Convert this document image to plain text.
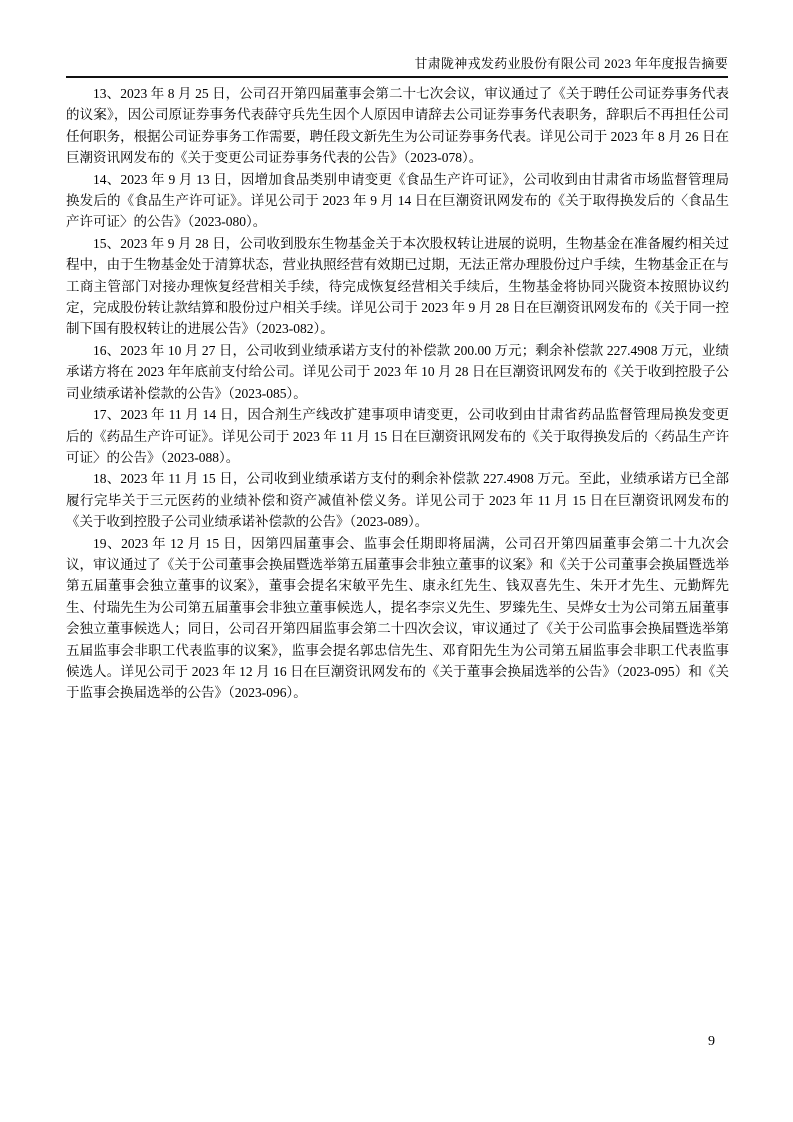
甘肃陇神戎发药业股份有限公司 2023 年年度报告摘要

13、2023 年 8 月 25 日，公司召开第四届董事会第二十七次会议，审议通过了《关于聘任公司证券事务代表的议案》，因公司原证券事务代表薛守兵先生因个人原因申请辞去公司证券事务代表职务，辞职后不再担任公司任何职务，根据公司证券事务工作需要，聘任段文新先生为公司证券事务代表。详见公司于 2023 年 8 月 26 日在巨潮资讯网发布的《关于变更公司证券事务代表的公告》（2023-078）。

14、2023 年 9 月 13 日，因增加食品类别申请变更《食品生产许可证》，公司收到由甘肃省市场监督管理局换发后的《食品生产许可证》。详见公司于 2023 年 9 月 14 日在巨潮资讯网发布的《关于取得换发后的〈食品生产许可证〉的公告》（2023-080）。

15、2023 年 9 月 28 日，公司收到股东生物基金关于本次股权转让进展的说明，生物基金在准备履约相关过程中，由于生物基金处于清算状态，营业执照经营有效期已过期，无法正常办理股份过户手续，生物基金正在与工商主管部门对接办理恢复经营相关手续，待完成恢复经营相关手续后，生物基金将协同兴陇资本按照协议约定，完成股份转让款结算和股份过户相关手续。详见公司于 2023 年 9 月 28 日在巨潮资讯网发布的《关于同一控制下国有股权转让的进展公告》（2023-082）。

16、2023 年 10 月 27 日，公司收到业绩承诺方支付的补偿款 200.00 万元；剩余补偿款 227.4908 万元，业绩承诺方将在 2023 年年底前支付给公司。详见公司于 2023 年 10 月 28 日在巨潮资讯网发布的《关于收到控股子公司业绩承诺补偿款的公告》（2023-085）。

17、2023 年 11 月 14 日，因合剂生产线改扩建事项申请变更，公司收到由甘肃省药品监督管理局换发变更后的《药品生产许可证》。详见公司于 2023 年 11 月 15 日在巨潮资讯网发布的《关于取得换发后的〈药品生产许可证〉的公告》（2023-088）。

18、2023 年 11 月 15 日，公司收到业绩承诺方支付的剩余补偿款 227.4908 万元。至此，业绩承诺方已全部履行完毕关于三元医药的业绩补偿和资产减值补偿义务。详见公司于 2023 年 11 月 15 日在巨潮资讯网发布的《关于收到控股子公司业绩承诺补偿款的公告》（2023-089）。

19、2023 年 12 月 15 日，因第四届董事会、监事会任期即将届满，公司召开第四届董事会第二十九次会议，审议通过了《关于公司董事会换届暨选举第五届董事会非独立董事的议案》和《关于公司董事会换届暨选举第五届董事会独立董事的议案》，董事会提名宋敏平先生、康永红先生、钱双喜先生、朱开才先生、元勤辉先生、付瑞先生为公司第五届董事会非独立董事候选人，提名李宗义先生、罗臻先生、吴烨女士为公司第五届董事会独立董事候选人；同日，公司召开第四届监事会第二十四次会议，审议通过了《关于公司监事会换届暨选举第五届监事会非职工代表监事的议案》，监事会提名郭忠信先生、邓育阳先生为公司第五届监事会非职工代表监事候选人。详见公司于 2023 年 12 月 16 日在巨潮资讯网发布的《关于董事会换届选举的公告》（2023-095）和《关于监事会换届选举的公告》（2023-096）。

9
